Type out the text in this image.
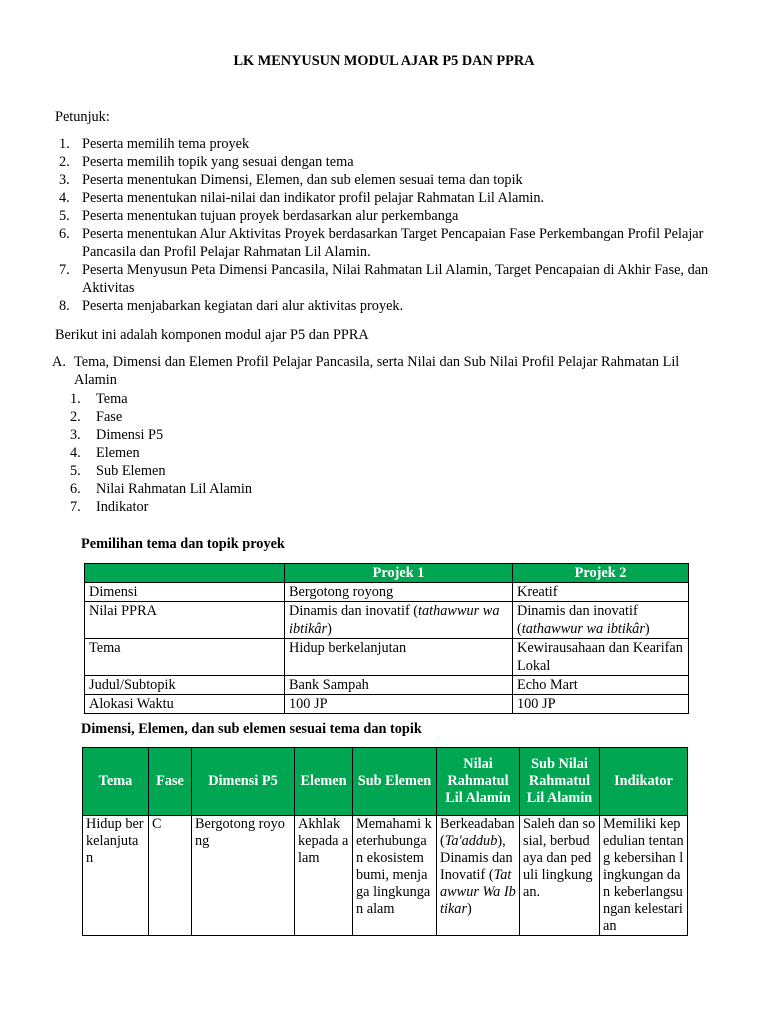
LK MENYUSUN MODUL AJAR P5 DAN PPRA
Petunjuk:
1. Peserta memilih tema proyek
2. Peserta memilih topik yang sesuai dengan tema
3. Peserta menentukan Dimensi, Elemen, dan sub elemen sesuai tema dan topik
4. Peserta menentukan nilai-nilai dan indikator profil pelajar Rahmatan Lil Alamin.
5. Peserta menentukan tujuan proyek berdasarkan alur perkembanga
6. Peserta menentukan Alur Aktivitas Proyek berdasarkan Target Pencapaian Fase Perkembangan Profil Pelajar Pancasila dan Profil Pelajar Rahmatan Lil Alamin.
7. Peserta Menyusun Peta Dimensi Pancasila, Nilai Rahmatan Lil Alamin, Target Pencapaian di Akhir Fase, dan Aktivitas
8. Peserta menjabarkan kegiatan dari alur aktivitas proyek.
Berikut ini adalah komponen modul ajar P5 dan PPRA
A. Tema, Dimensi dan Elemen Profil Pelajar Pancasila, serta Nilai dan Sub Nilai Profil Pelajar Rahmatan Lil Alamin
1. Tema
2. Fase
3. Dimensi P5
4. Elemen
5. Sub Elemen
6. Nilai Rahmatan Lil Alamin
7. Indikator
Pemilihan tema dan topik proyek
	Projek 1	Projek 2
Dimensi	Bergotong royong	Kreatif
Nilai PPRA	Dinamis dan inovatif (tathawwur wa ibtikâr)	Dinamis dan inovatif (tathawwur wa ibtikâr)
Tema	Hidup berkelanjutan	Kewirausahaan dan Kearifan Lokal
Judul/Subtopik	Bank Sampah	Echo Mart
Alokasi Waktu	100 JP	100 JP
Dimensi, Elemen, dan sub elemen sesuai tema dan topik
Tema	Fase	Dimensi P5	Elemen	Sub Elemen	Nilai Rahmatul Lil Alamin	Sub Nilai Rahmatul Lil Alamin	Indikator
Hidup berkelanjutan	C	Bergotong royong	Akhlak kepada alam	Memahami keterhubungan ekosistem bumi, menjaga lingkungan alam	Berkeadaban (Ta'addub), Dinamis dan Inovatif (Tatawwur Wa Ibtikar)	Saleh dan sosial, berbudaya dan peduli lingkungan.	Memiliki kepedulian tentang kebersihan lingkungan dan keberlangsungan kelestarian
